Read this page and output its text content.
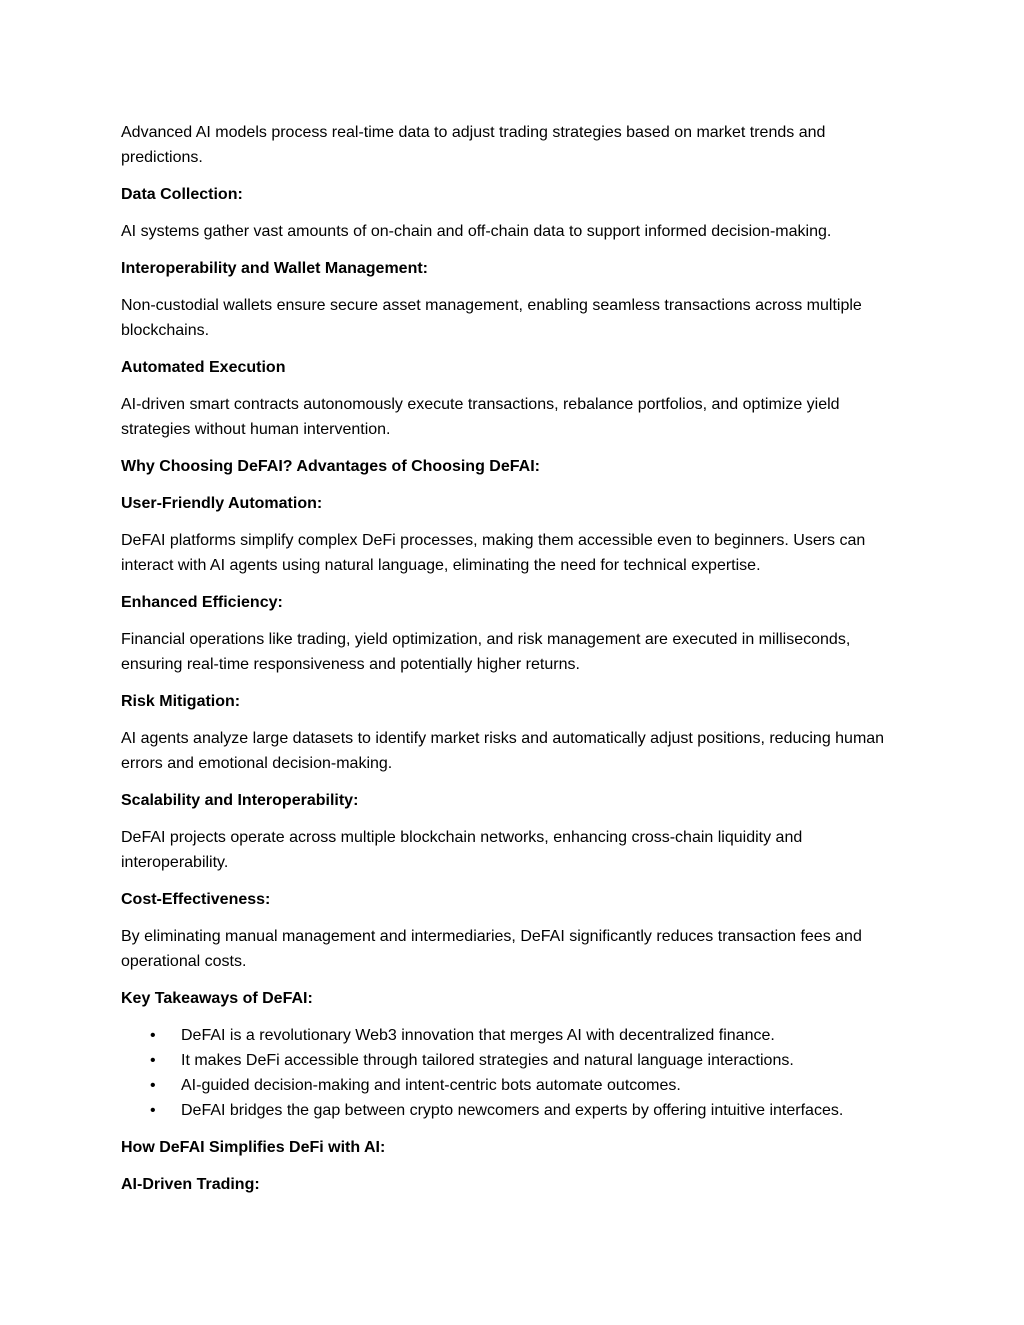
Advanced AI models process real-time data to adjust trading strategies based on market trends and predictions.

Data Collection:

AI systems gather vast amounts of on-chain and off-chain data to support informed decision-making.

Interoperability and Wallet Management:

Non-custodial wallets ensure secure asset management, enabling seamless transactions across multiple blockchains.

Automated Execution

AI-driven smart contracts autonomously execute transactions, rebalance portfolios, and optimize yield strategies without human intervention.

Why Choosing DeFAI? Advantages of Choosing DeFAI:

User-Friendly Automation:

DeFAI platforms simplify complex DeFi processes, making them accessible even to beginners. Users can interact with AI agents using natural language, eliminating the need for technical expertise.

Enhanced Efficiency:

Financial operations like trading, yield optimization, and risk management are executed in milliseconds, ensuring real-time responsiveness and potentially higher returns.

Risk Mitigation:

AI agents analyze large datasets to identify market risks and automatically adjust positions, reducing human errors and emotional decision-making.

Scalability and Interoperability:

DeFAI projects operate across multiple blockchain networks, enhancing cross-chain liquidity and interoperability.

Cost-Effectiveness:

By eliminating manual management and intermediaries, DeFAI significantly reduces transaction fees and operational costs.

Key Takeaways of DeFAI:

• DeFAI is a revolutionary Web3 innovation that merges AI with decentralized finance.
• It makes DeFi accessible through tailored strategies and natural language interactions.
• AI-guided decision-making and intent-centric bots automate outcomes.
• DeFAI bridges the gap between crypto newcomers and experts by offering intuitive interfaces.

How DeFAI Simplifies DeFi with AI:

AI-Driven Trading:
